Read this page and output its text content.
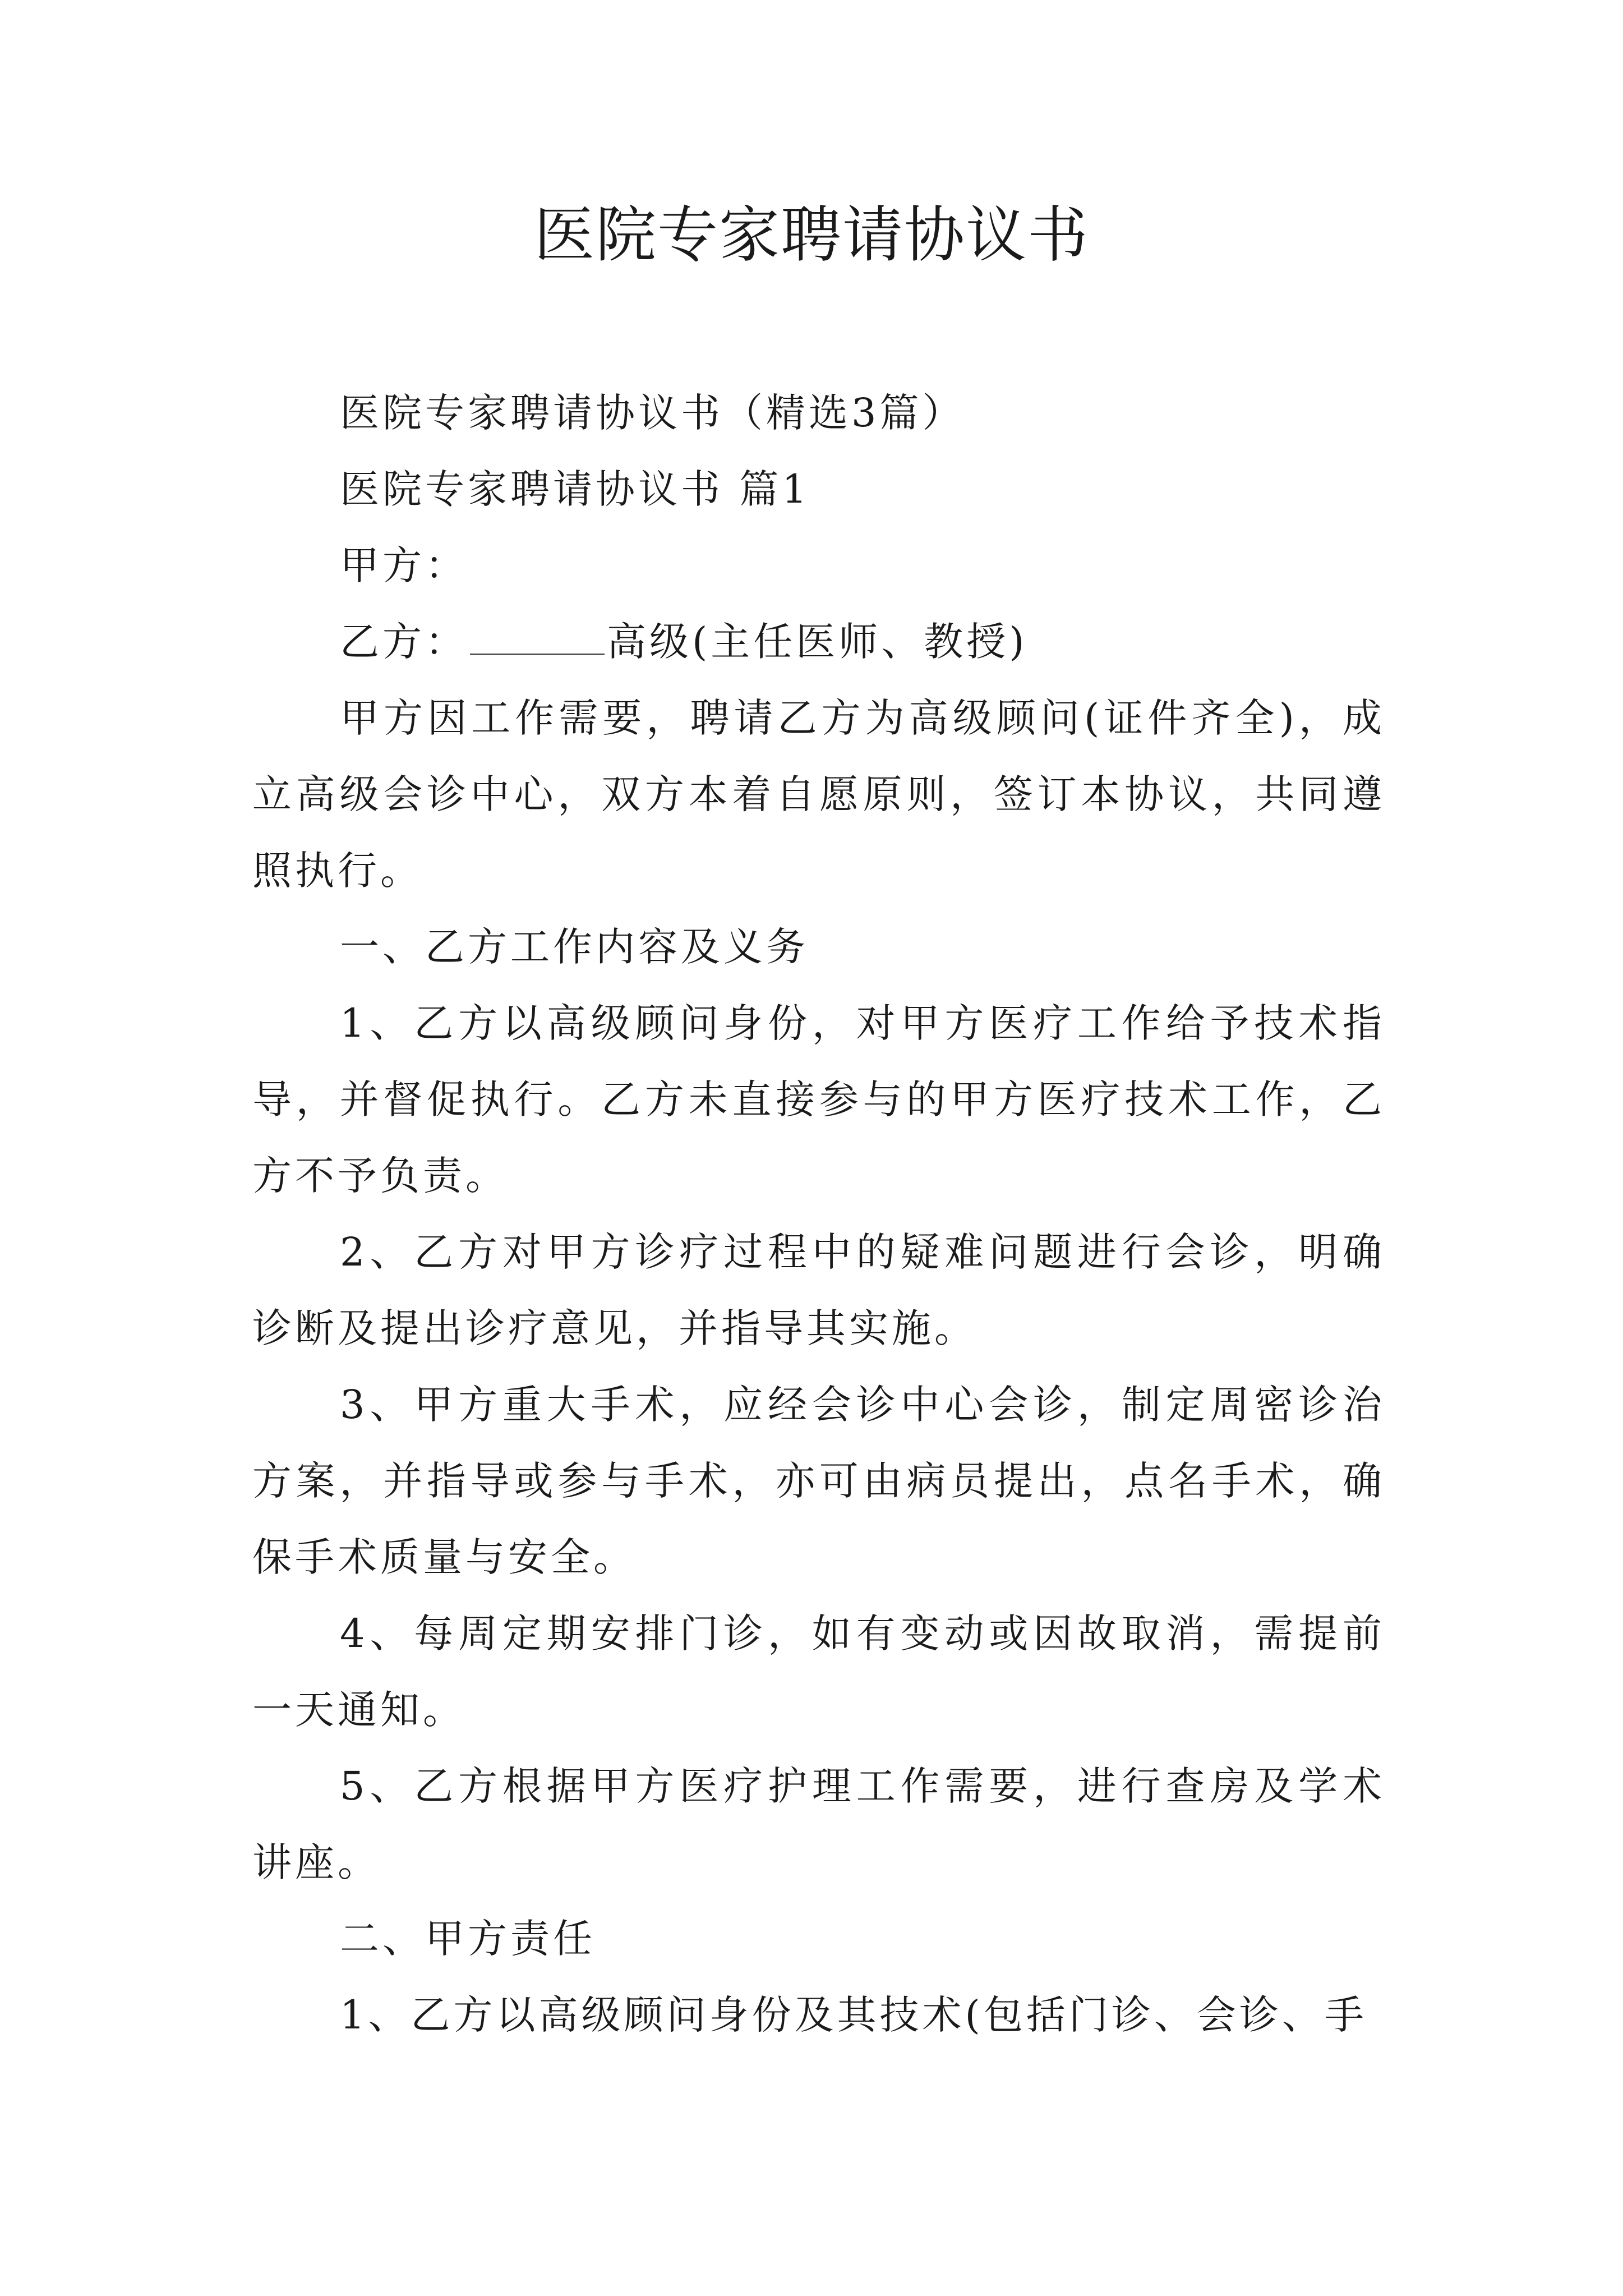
医院专家聘请协议书

医院专家聘请协议书（精选3篇）

医院专家聘请协议书 篇1

甲方：

乙方：	高级(主任医师、教授)

甲方因工作需要，聘请乙方为高级顾问(证件齐全)，成立高级会诊中心，双方本着自愿原则，签订本协议，共同遵照执行。

一、乙方工作内容及义务

1、乙方以高级顾问身份，对甲方医疗工作给予技术指导，并督促执行。乙方未直接参与的甲方医疗技术工作，乙方不予负责。

2、乙方对甲方诊疗过程中的疑难问题进行会诊，明确诊断及提出诊疗意见，并指导其实施。

3、甲方重大手术，应经会诊中心会诊，制定周密诊治方案，并指导或参与手术，亦可由病员提出，点名手术，确保手术质量与安全。

4、每周定期安排门诊，如有变动或因故取消，需提前一天通知。

5、乙方根据甲方医疗护理工作需要，进行查房及学术讲座。

二、甲方责任

1、乙方以高级顾问身份及其技术(包括门诊、会诊、手
